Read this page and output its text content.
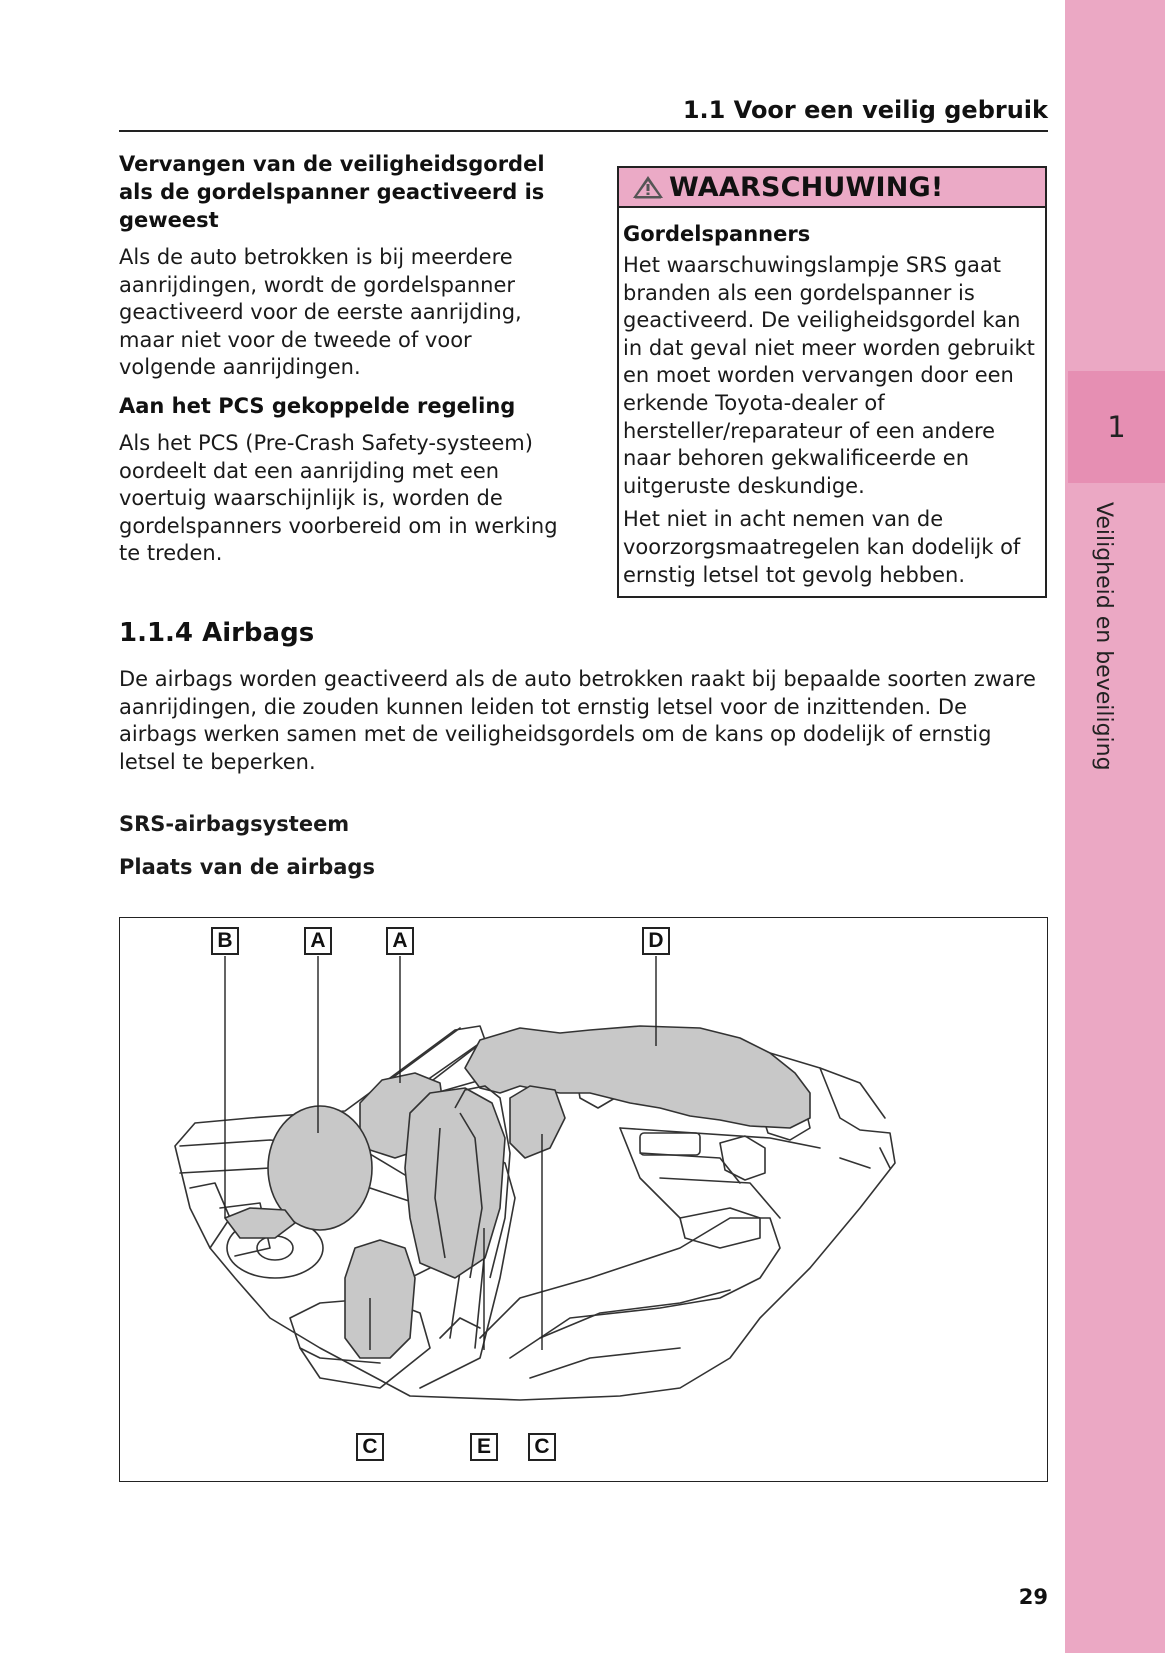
1
Veiligheid en beveiliging
1.1 Voor een veilig gebruik

Vervangen van de veiligheidsgordel als de gordelspanner geactiveerd is geweest

Als de auto betrokken is bij meerdere aanrijdingen, wordt de gordelspanner geactiveerd voor de eerste aanrijding, maar niet voor de tweede of voor volgende aanrijdingen.

Aan het PCS gekoppelde regeling

Als het PCS (Pre-Crash Safety-systeem) oordeelt dat een aanrijding met een voertuig waarschijnlijk is, worden de gordelspanners voorbereid om in werking te treden.

WAARSCHUWING!

Gordelspanners

Het waarschuwingslampje SRS gaat branden als een gordelspanner is geactiveerd. De veiligheidsgordel kan in dat geval niet meer worden gebruikt en moet worden vervangen door een erkende Toyota-dealer of hersteller/reparateur of een andere naar behoren gekwalificeerde en uitgeruste deskundige.

Het niet in acht nemen van de voorzorgsmaatregelen kan dodelijk of ernstig letsel tot gevolg hebben.

1.1.4 Airbags

De airbags worden geactiveerd als de auto betrokken raakt bij bepaalde soorten zware aanrijdingen, die zouden kunnen leiden tot ernstig letsel voor de inzittenden. De airbags werken samen met de veiligheidsgordels om de kans op dodelijk of ernstig letsel te beperken.

SRS-airbagsysteem

Plaats van de airbags

B	A	A	D
C	E	C
29
